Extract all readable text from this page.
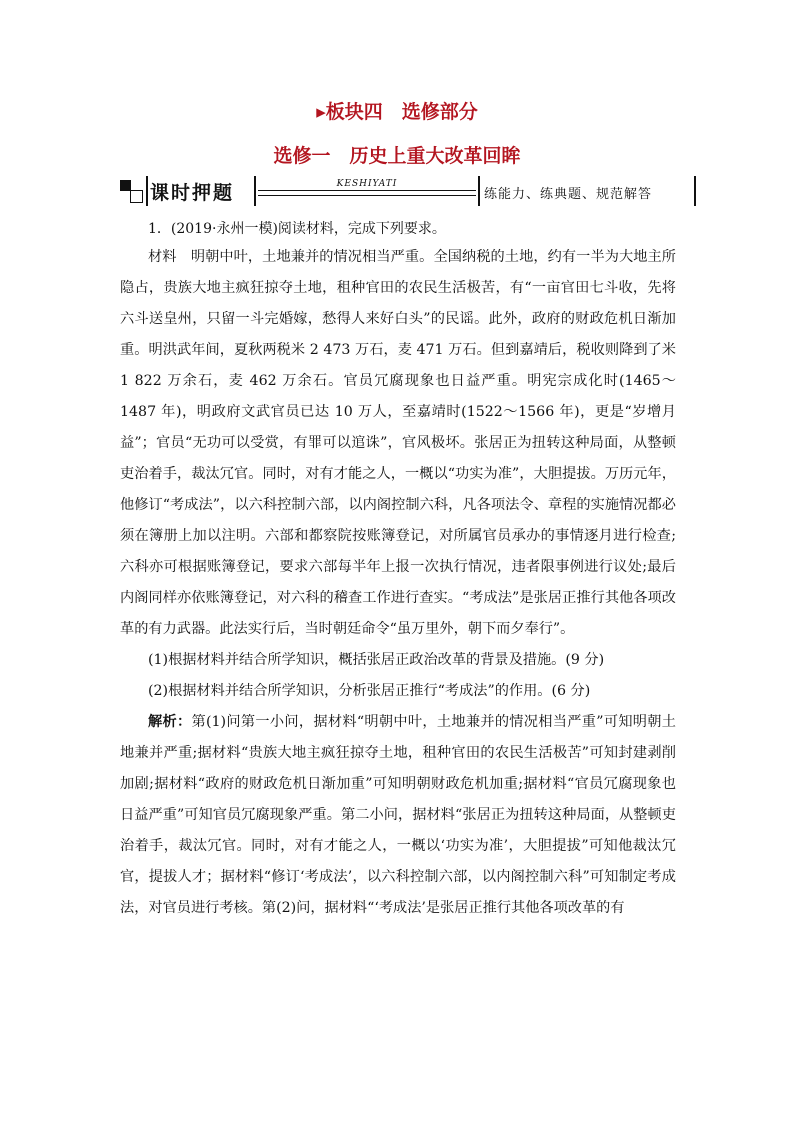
▸板块四　选修部分
选修一　历史上重大改革回眸
课时押题	KESHIYATI
练能力、练典题、规范解答
1．(2019·永州一模)阅读材料，完成下列要求。

材料　明朝中叶，土地兼并的情况相当严重。全国纳税的土地，约有一半为大地主所隐占，贵族大地主疯狂掠夺土地，租种官田的农民生活极苦，有“一亩官田七斗收，先将六斗送皇州，只留一斗完婚嫁，愁得人来好白头”的民谣。此外，政府的财政危机日渐加重。明洪武年间，夏秋两税米 2 473 万石，麦 471 万石。但到嘉靖后，税收则降到了米 1 822 万余石，麦 462 万余石。官员冗腐现象也日益严重。明宪宗成化时(1465～1487 年)，明政府文武官员已达 10 万人，至嘉靖时(1522～1566 年)，更是“岁增月益”；官员“无功可以受赏，有罪可以逭诛”，官风极坏。张居正为扭转这种局面，从整顿吏治着手，裁汰冗官。同时，对有才能之人，一概以“功实为准”，大胆提拔。万历元年，他修订“考成法”，以六科控制六部，以内阁控制六科，凡各项法令、章程的实施情况都必须在簿册上加以注明。六部和都察院按账簿登记，对所属官员承办的事情逐月进行检查;六科亦可根据账簿登记，要求六部每半年上报一次执行情况，违者限事例进行议处;最后内阁同样亦依账簿登记，对六科的稽查工作进行查实。“考成法”是张居正推行其他各项改革的有力武器。此法实行后，当时朝廷命令“虽万里外，朝下而夕奉行”。

(1)根据材料并结合所学知识，概括张居正政治改革的背景及措施。(9 分)

(2)根据材料并结合所学知识，分析张居正推行“考成法”的作用。(6 分)

解析：第(1)问第一小问，据材料“明朝中叶，土地兼并的情况相当严重”可知明朝土地兼并严重;据材料“贵族大地主疯狂掠夺土地，租种官田的农民生活极苦”可知封建剥削加剧;据材料“政府的财政危机日渐加重”可知明朝财政危机加重;据材料“官员冗腐现象也日益严重”可知官员冗腐现象严重。第二小问，据材料“张居正为扭转这种局面，从整顿吏治着手，裁汰冗官。同时，对有才能之人，一概以‘功实为准’，大胆提拔”可知他裁汰冗官，提拔人才；据材料“修订‘考成法’，以六科控制六部，以内阁控制六科”可知制定考成法，对官员进行考核。第(2)问，据材料“‘考成法’是张居正推行其他各项改革的有
